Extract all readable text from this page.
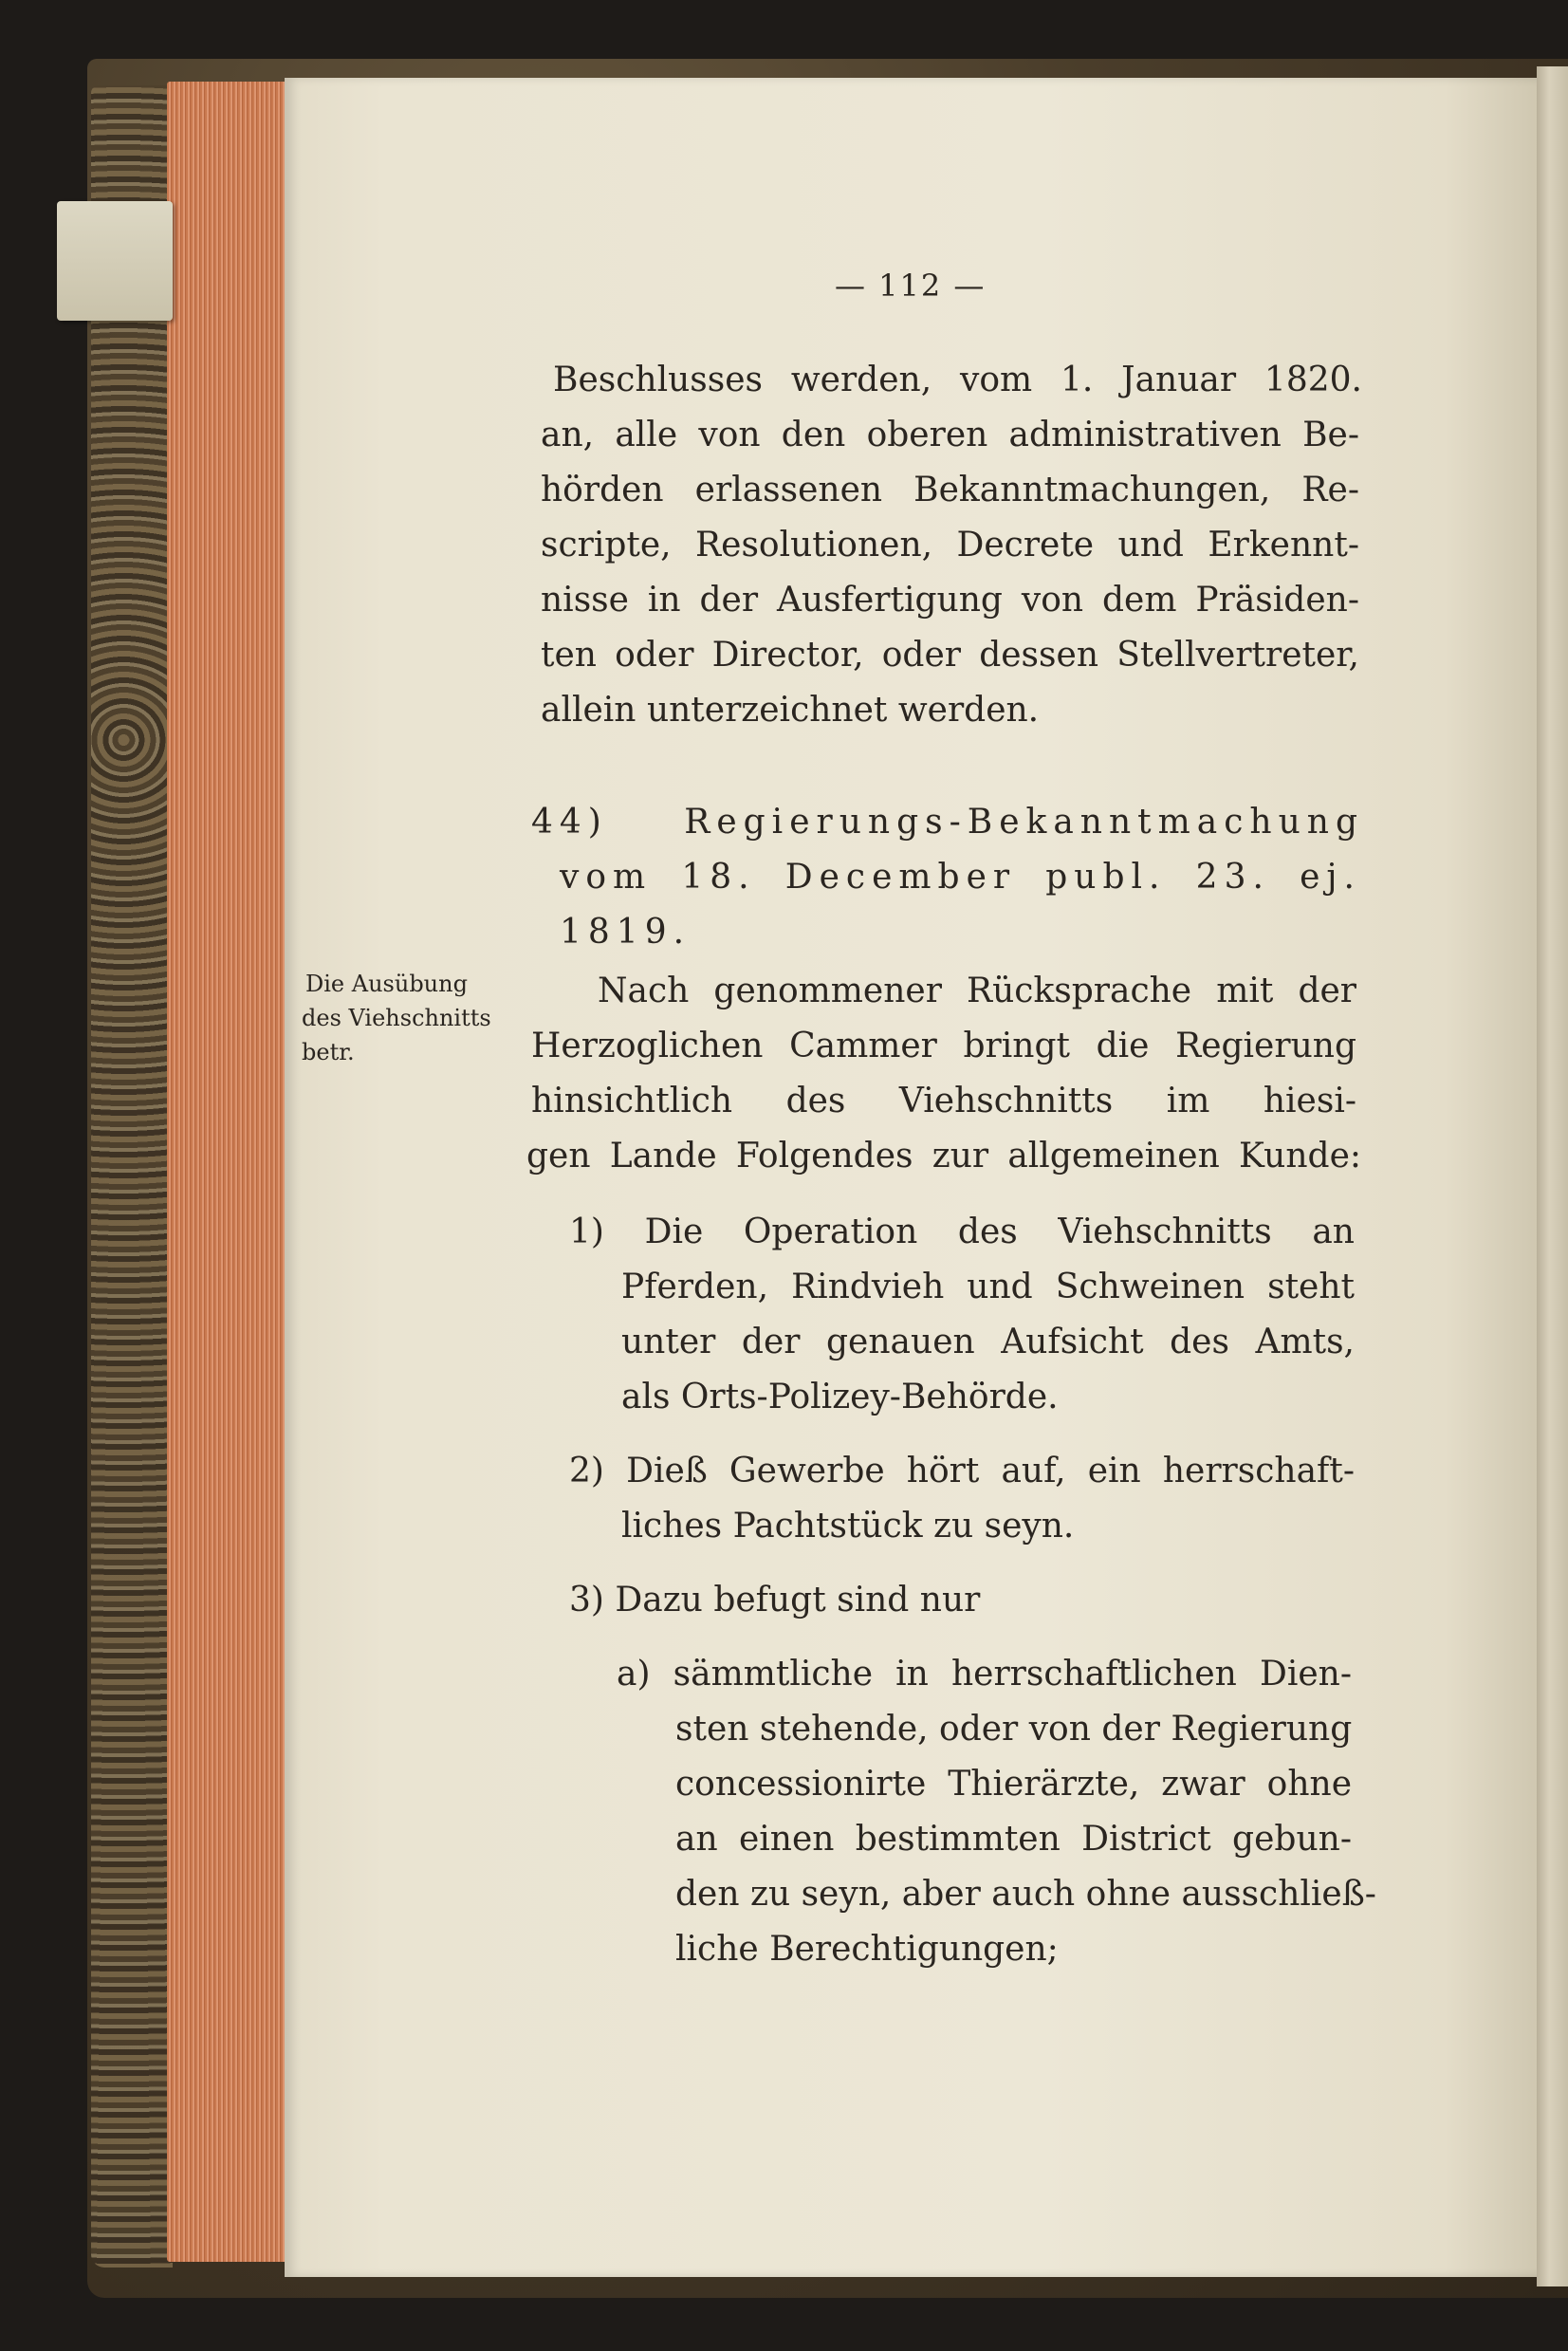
— 112 —
Beschlusses werden, vom 1. Januar 1820.
an, alle von den oberen administrativen Be-
hörden erlassenen Bekanntmachungen, Re-
scripte, Resolutionen, Decrete und Erkennt-
nisse in der Ausfertigung von dem Präsiden-
ten oder Director, oder dessen Stellvertreter,
allein unterzeichnet werden.
44) Regierungs-Bekanntmachung
vom 18. December publ. 23. ej.
1819.
Nach genommener Rücksprache mit der
Herzoglichen Cammer bringt die Regierung
hinsichtlich des Viehschnitts im hiesi-
gen Lande Folgendes zur allgemeinen Kunde:
1) Die Operation des Viehschnitts an
Pferden, Rindvieh und Schweinen steht
unter der genauen Aufsicht des Amts,
als Orts-Polizey-Behörde.
2) Dieß Gewerbe hört auf, ein herrschaft-
liches Pachtstück zu seyn.
3) Dazu befugt sind nur
a) sämmtliche in herrschaftlichen Dien-
sten stehende, oder von der Regierung
concessionirte Thierärzte, zwar ohne
an einen bestimmten District gebun-
den zu seyn, aber auch ohne ausschließ-
liche Berechtigungen;
Die Ausübung
des Viehschnitts
betr.
